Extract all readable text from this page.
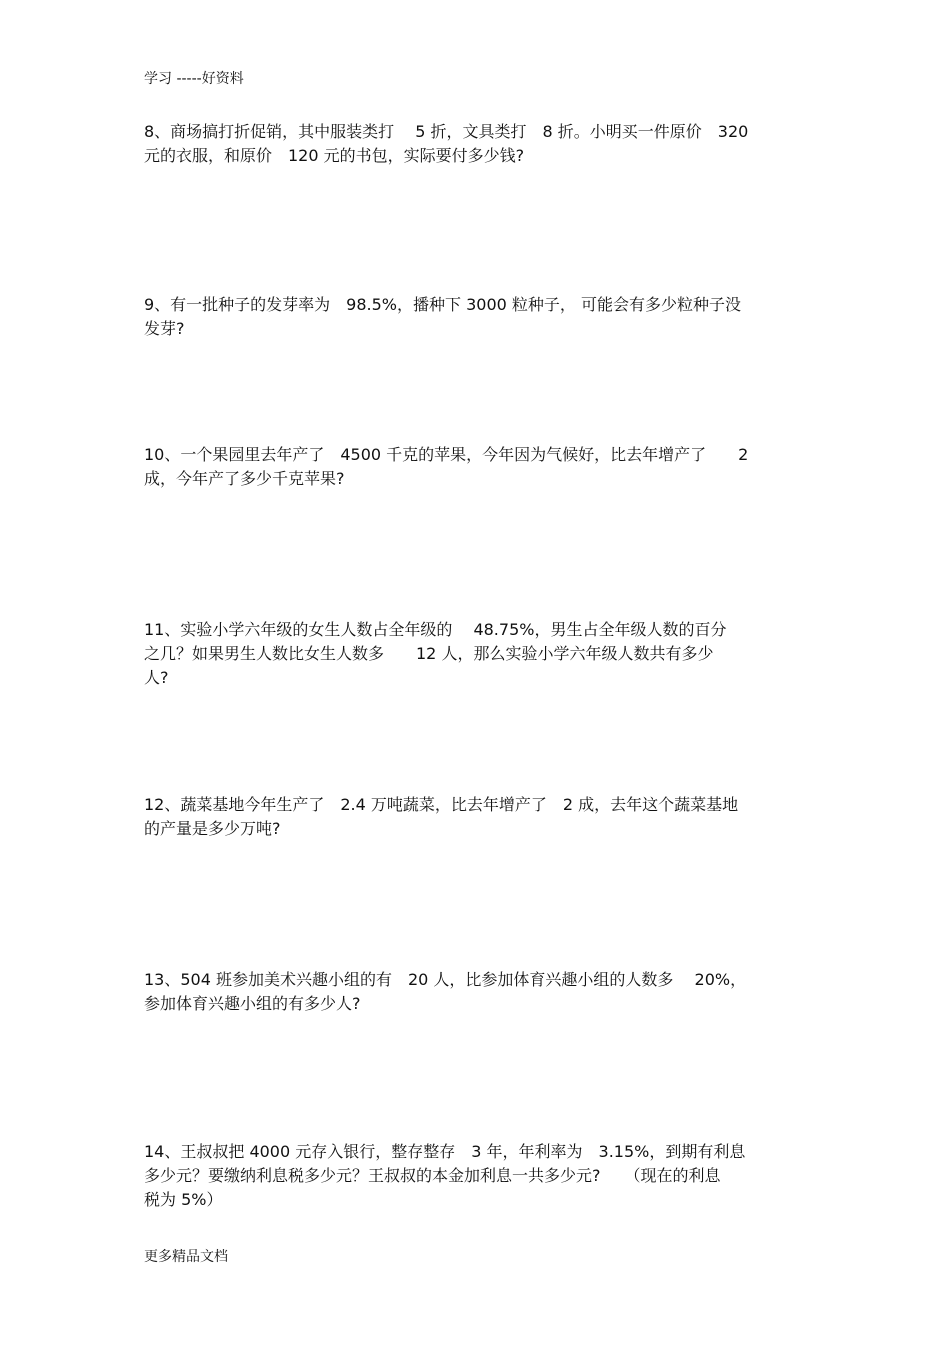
学习 -----好资料
8、商场搞打折促销，其中服装类打　 5 折，文具类打　8 折。小明买一件原价　320
元的衣服，和原价　120 元的书包，实际要付多少钱?
9、有一批种子的发芽率为　98.5%，播种下 3000 粒种子， 可能会有多少粒种子没
发芽?
10、一个果园里去年产了　4500 千克的苹果，今年因为气候好，比去年增产了　　2
成，今年产了多少千克苹果?
11、实验小学六年级的女生人数占全年级的　 48.75%，男生占全年级人数的百分
之几？如果男生人数比女生人数多　　12 人，那么实验小学六年级人数共有多少
人?
12、蔬菜基地今年生产了　2.4 万吨蔬菜，比去年增产了　2 成，去年这个蔬菜基地
的产量是多少万吨?
13、504 班参加美术兴趣小组的有　20 人，比参加体育兴趣小组的人数多　 20%，
参加体育兴趣小组的有多少人?
14、王叔叔把 4000 元存入银行，整存整存　3 年，年利率为　3.15%，到期有利息
多少元？要缴纳利息税多少元？王叔叔的本金加利息一共多少元?　　（现在的利息
税为 5%）
更多精品文档
